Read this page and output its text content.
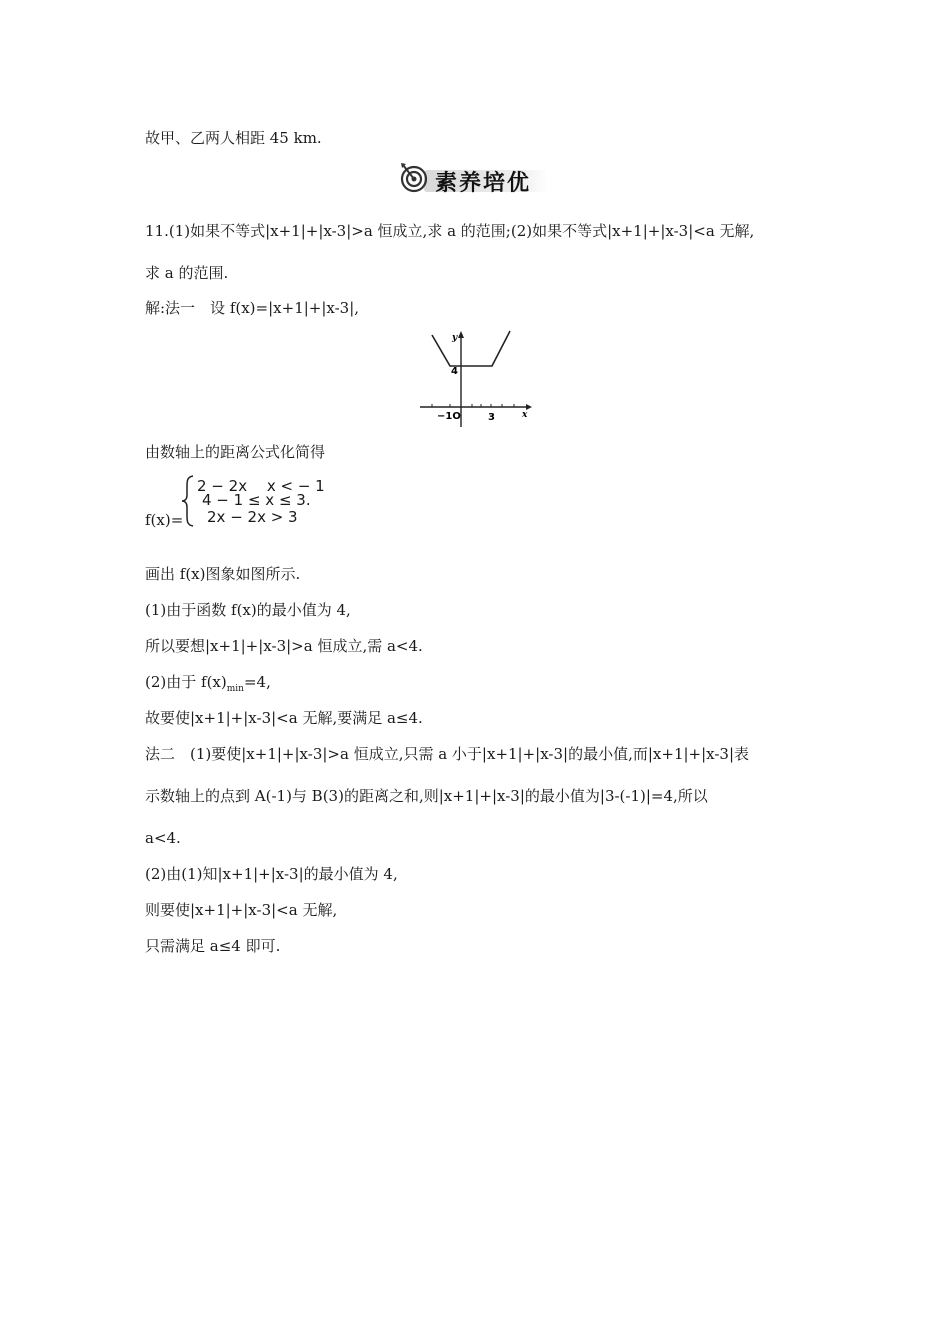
故甲、乙两人相距 45 km.
素养培优
11.(1)如果不等式|x+1|+|x-3|>a 恒成立,求 a 的范围;(2)如果不等式|x+1|+|x-3|<a 无解,
求 a 的范围.
解:法一　设 f(x)=|x+1|+|x-3|,
y
4
−1O	3	x
由数轴上的距离公式化简得
f(x)=
2 − 2x　 x < − 1
4 − 1 ≤ x ≤ 3.
2x − 2x > 3
画出 f(x)图象如图所示.
(1)由于函数 f(x)的最小值为 4,
所以要想|x+1|+|x-3|>a 恒成立,需 a<4.
(2)由于 $f(x)_{min}=4$,
故要使|x+1|+|x-3|<a 无解,要满足 a≤4.
法二　(1)要使|x+1|+|x-3|>a 恒成立,只需 a 小于|x+1|+|x-3|的最小值,而|x+1|+|x-3|表
示数轴上的点到 A(-1)与 B(3)的距离之和,则|x+1|+|x-3|的最小值为|3-(-1)|=4,所以
a<4.
(2)由(1)知|x+1|+|x-3|的最小值为 4,
则要使|x+1|+|x-3|<a 无解,
只需满足 a≤4 即可.
